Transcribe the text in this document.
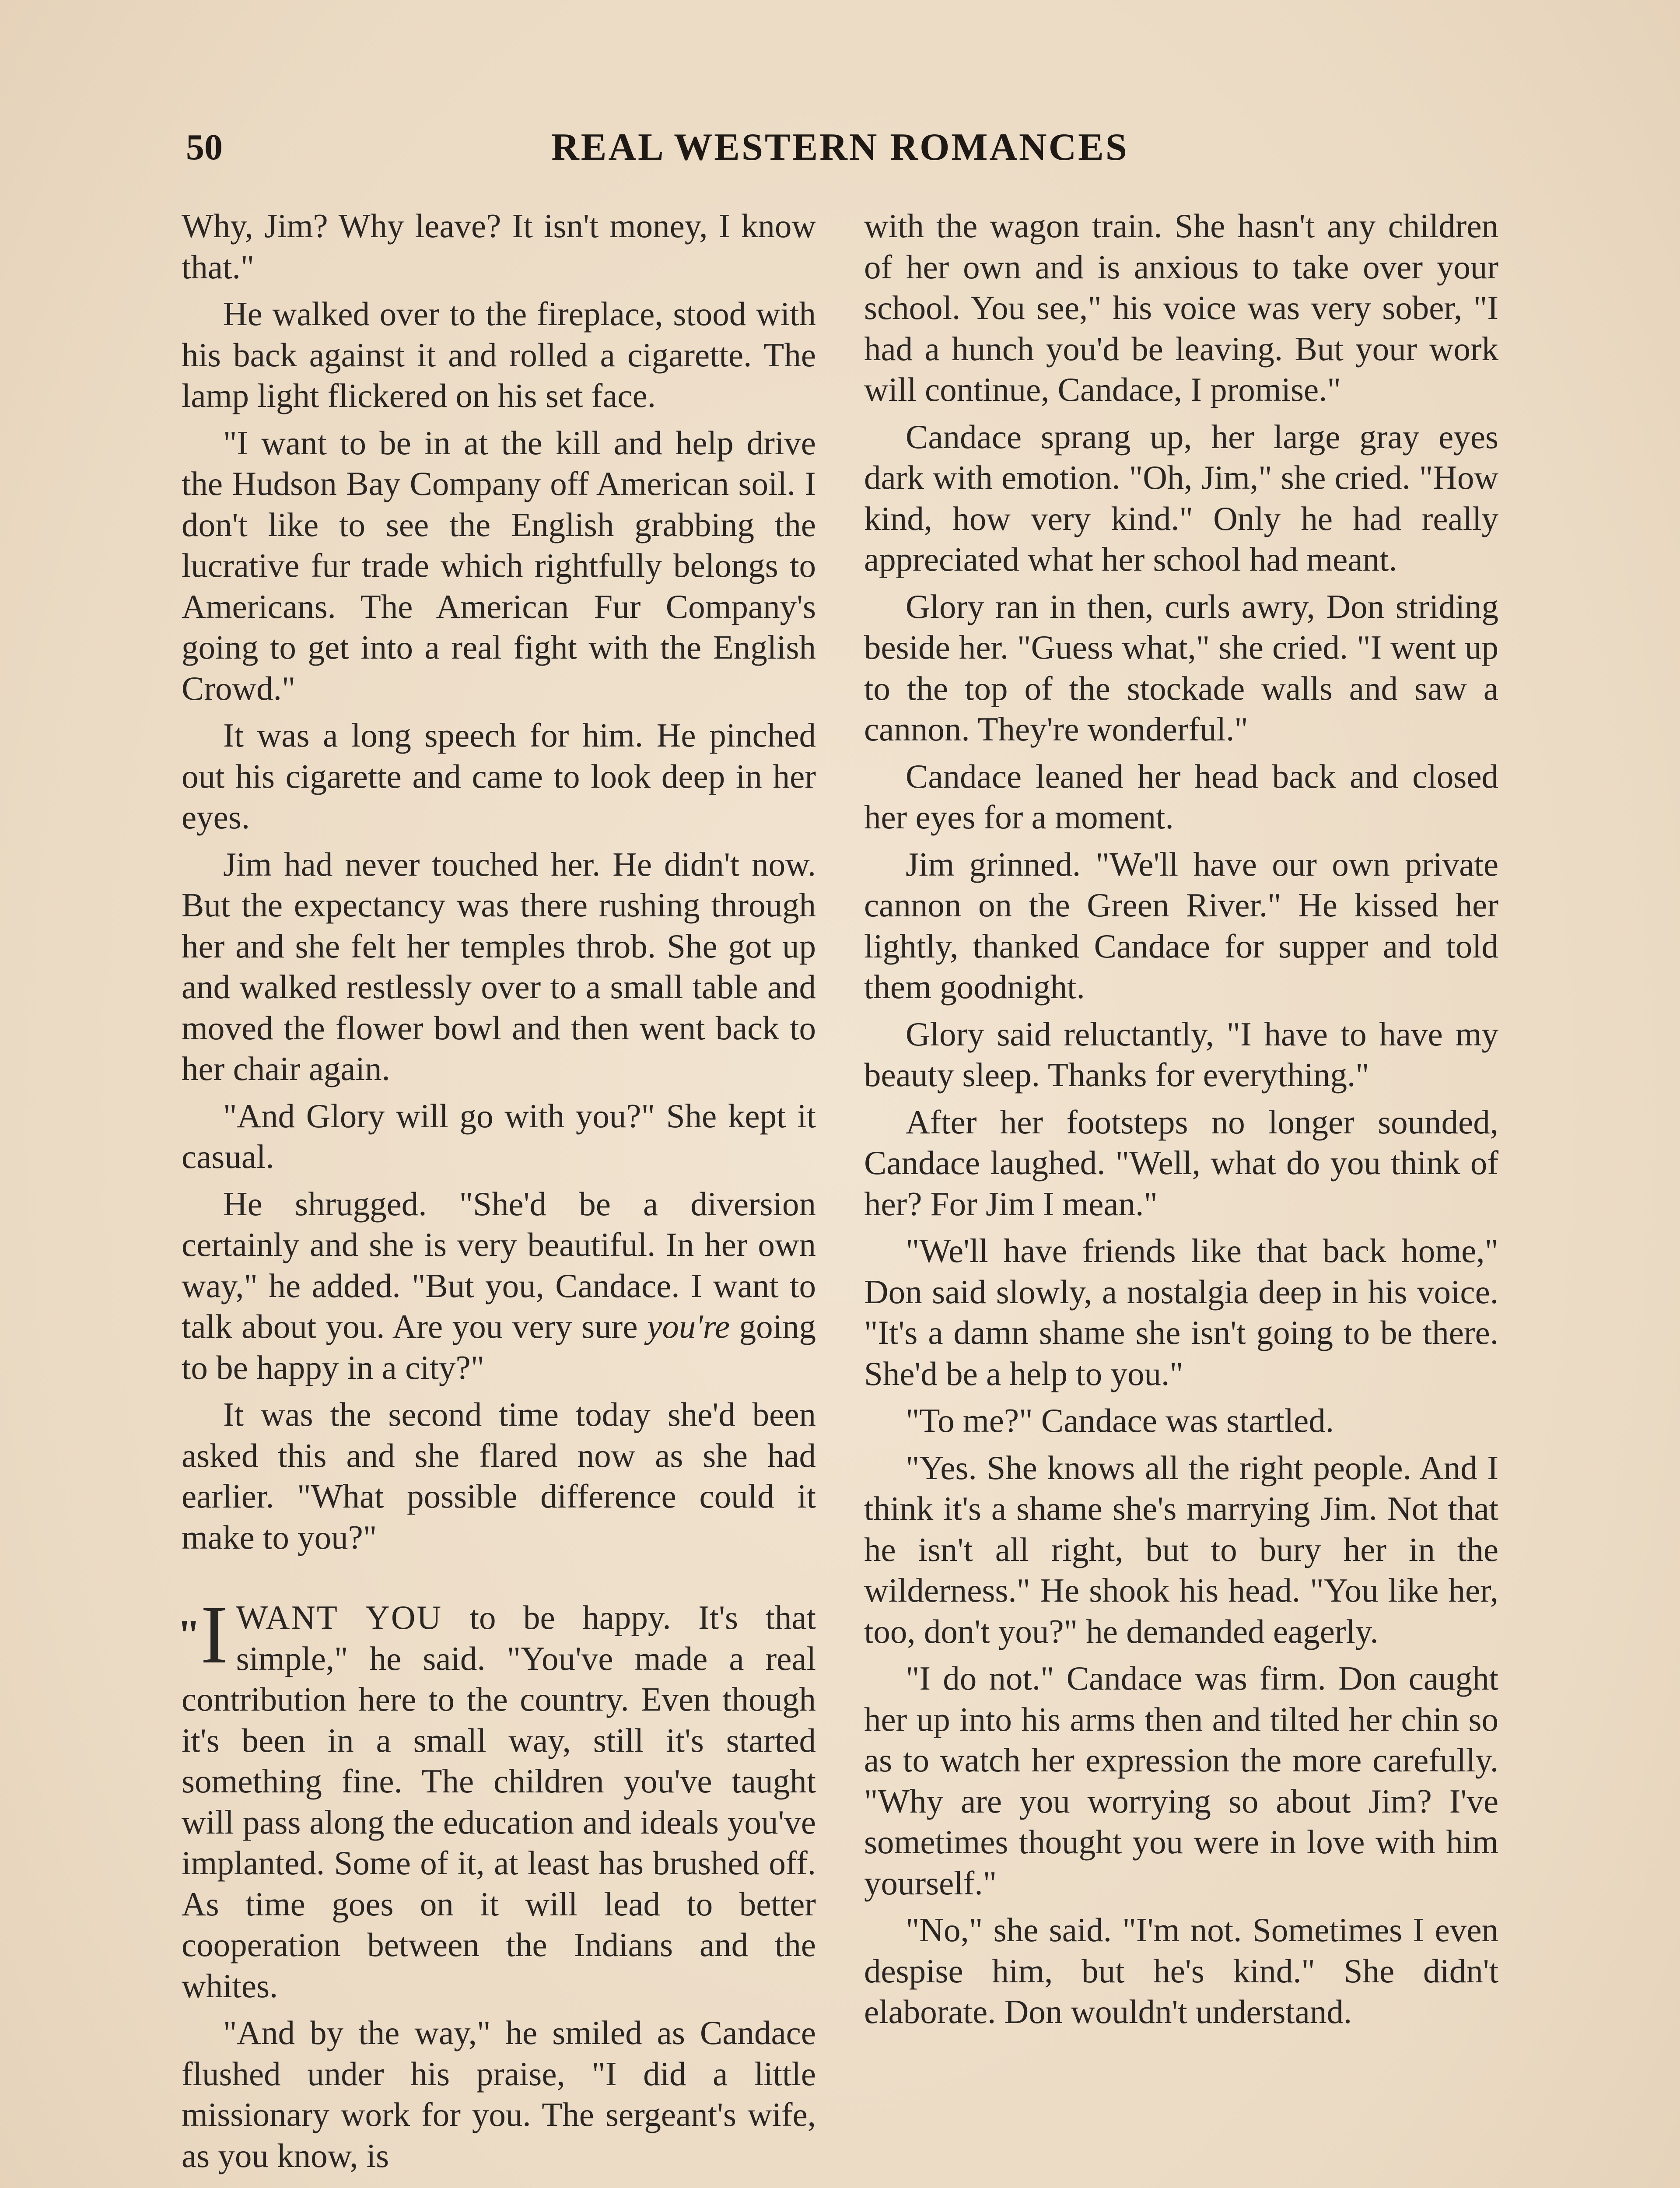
50	REAL WESTERN ROMANCES

Why, Jim? Why leave? It isn't money, I know that."

He walked over to the fireplace, stood with his back against it and rolled a cigarette. The lamp light flickered on his set face.

"I want to be in at the kill and help drive the Hudson Bay Company off American soil. I don't like to see the English grabbing the lucrative fur trade which rightfully belongs to Americans. The American Fur Company's going to get into a real fight with the English Crowd."

It was a long speech for him. He pinched out his cigarette and came to look deep in her eyes.

Jim had never touched her. He didn't now. But the expectancy was there rushing through her and she felt her temples throb. She got up and walked restlessly over to a small table and moved the flower bowl and then went back to her chair again.

"And Glory will go with you?" She kept it casual.

He shrugged. "She'd be a diversion certainly and she is very beautiful. In her own way," he added. "But you, Candace. I want to talk about you. Are you very sure you're going to be happy in a city?"

It was the second time today she'd been asked this and she flared now as she had earlier. "What possible difference could it make to you?"

"I WANT YOU to be happy. It's that simple," he said. "You've made a real contribution here to the country. Even though it's been in a small way, still it's started something fine. The children you've taught will pass along the education and ideals you've implanted. Some of it, at least has brushed off. As time goes on it will lead to better cooperation between the Indians and the whites.

"And by the way," he smiled as Candace flushed under his praise, "I did a little missionary work for you. The sergeant's wife, as you know, is

with the wagon train. She hasn't any children of her own and is anxious to take over your school. You see," his voice was very sober, "I had a hunch you'd be leaving. But your work will continue, Candace, I promise."

Candace sprang up, her large gray eyes dark with emotion. "Oh, Jim," she cried. "How kind, how very kind." Only he had really appreciated what her school had meant.

Glory ran in then, curls awry, Don striding beside her. "Guess what," she cried. "I went up to the top of the stockade walls and saw a cannon. They're wonderful."

Candace leaned her head back and closed her eyes for a moment.

Jim grinned. "We'll have our own private cannon on the Green River." He kissed her lightly, thanked Candace for supper and told them goodnight.

Glory said reluctantly, "I have to have my beauty sleep. Thanks for everything."

After her footsteps no longer sounded, Candace laughed. "Well, what do you think of her? For Jim I mean."

"We'll have friends like that back home," Don said slowly, a nostalgia deep in his voice. "It's a damn shame she isn't going to be there. She'd be a help to you."

"To me?" Candace was startled.

"Yes. She knows all the right people. And I think it's a shame she's marrying Jim. Not that he isn't all right, but to bury her in the wilderness." He shook his head. "You like her, too, don't you?" he demanded eagerly.

"I do not." Candace was firm. Don caught her up into his arms then and tilted her chin so as to watch her expression the more carefully. "Why are you worrying so about Jim? I've sometimes thought you were in love with him yourself."

"No," she said. "I'm not. Sometimes I even despise him, but he's kind." She didn't elaborate. Don wouldn't understand.
